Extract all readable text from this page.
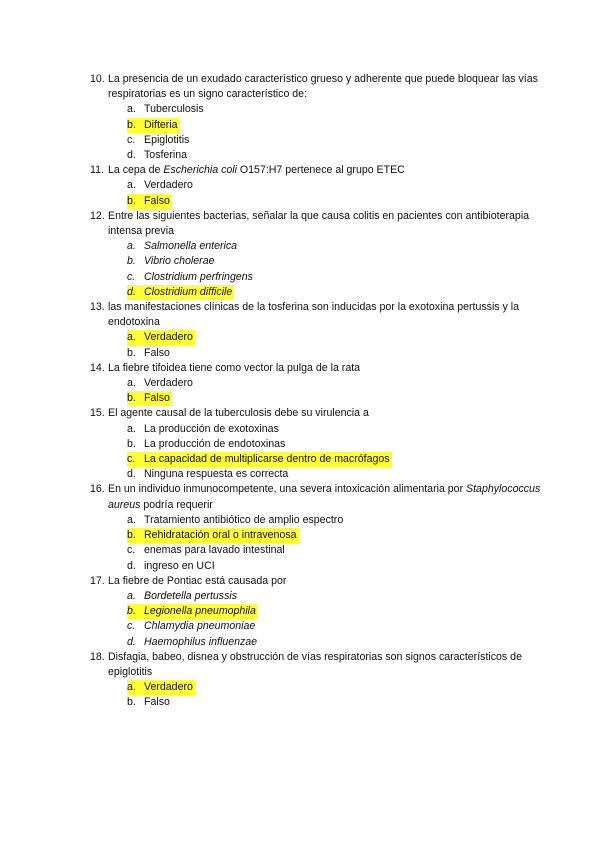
10. La presencia de un exudado característico grueso y adherente que puede bloquear las vías respiratorias es un signo característico de:
a. Tuberculosis
b. Difteria
c. Epiglotitis
d. Tosferina
11. La cepa de Escherichia coli O157:H7 pertenece al grupo ETEC
a. Verdadero
b. Falso
12. Entre las siguientes bacterias, señalar la que causa colitis en pacientes con antibioterapia intensa previa
a. Salmonella enterica
b. Vibrio cholerae
c. Clostridium perfringens
d. Clostridium difficile
13. las manifestaciones clínicas de la tosferina son inducidas por la exotoxina pertussis y la endotoxina
a. Verdadero
b. Falso
14. La fiebre tifoidea tiene como vector la pulga de la rata
a. Verdadero
b. Falso
15. El agente causal de la tuberculosis debe su virulencia a
a. La producción de exotoxinas
b. La producción de endotoxinas
c. La capacidad de multiplicarse dentro de macrófagos
d. Ninguna respuesta es correcta
16. En un individuo inmunocompetente, una severa intoxicación alimentaria por Staphylococcus aureus podría requerir
a. Tratamiento antibiótico de amplio espectro
b. Rehidratación oral o intravenosa
c. enemas para lavado intestinal
d. ingreso en UCI
17. La fiebre de Pontiac está causada por
a. Bordetella pertussis
b. Legionella pneumophila
c. Chlamydia pneumoniae
d. Haemophilus influenzae
18. Disfagia, babeo, disnea y obstrucción de vías respiratorias son signos característicos de epiglotitis
a. Verdadero
b. Falso
